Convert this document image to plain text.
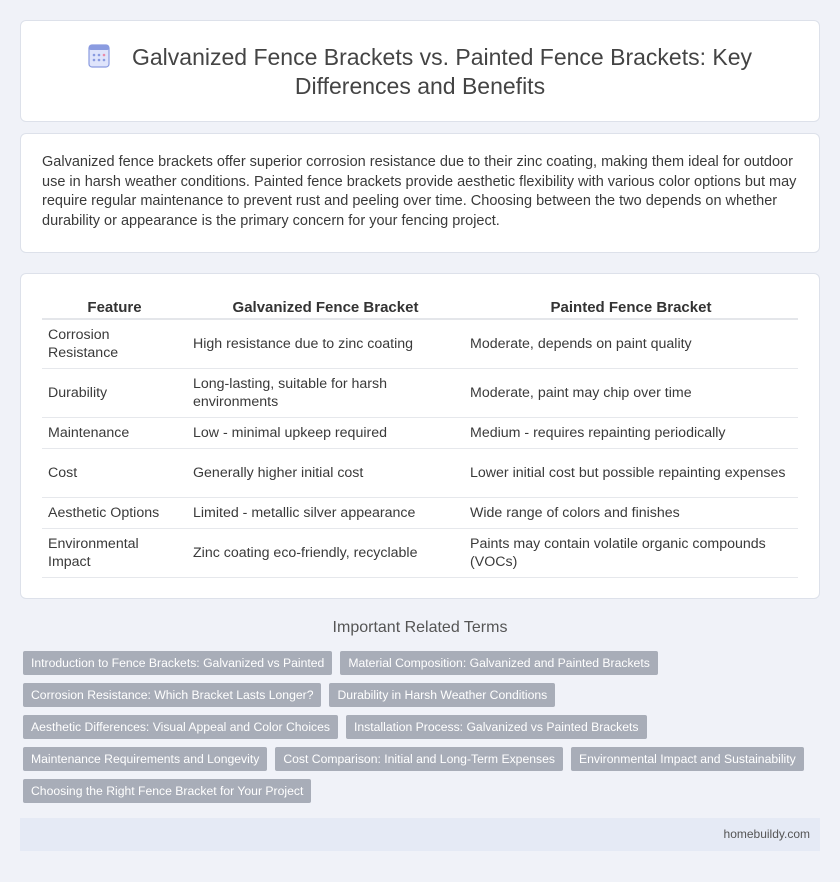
Galvanized Fence Brackets vs. Painted Fence Brackets: Key Differences and Benefits

Galvanized fence brackets offer superior corrosion resistance due to their zinc coating, making them ideal for outdoor use in harsh weather conditions. Painted fence brackets provide aesthetic flexibility with various color options but may require regular maintenance to prevent rust and peeling over time. Choosing between the two depends on whether durability or appearance is the primary concern for your fencing project.

Feature	Galvanized Fence Bracket	Painted Fence Bracket
Corrosion Resistance	High resistance due to zinc coating	Moderate, depends on paint quality
Durability	Long-lasting, suitable for harsh environments	Moderate, paint may chip over time
Maintenance	Low - minimal upkeep required	Medium - requires repainting periodically
Cost	Generally higher initial cost	Lower initial cost but possible repainting expenses
Aesthetic Options	Limited - metallic silver appearance	Wide range of colors and finishes
Environmental Impact	Zinc coating eco-friendly, recyclable	Paints may contain volatile organic compounds (VOCs)
Important Related Terms
Introduction to Fence Brackets: Galvanized vs Painted	Material Composition: Galvanized and Painted Brackets
Corrosion Resistance: Which Bracket Lasts Longer?	Durability in Harsh Weather Conditions
Aesthetic Differences: Visual Appeal and Color Choices	Installation Process: Galvanized vs Painted Brackets
Maintenance Requirements and Longevity	Cost Comparison: Initial and Long-Term Expenses	Environmental Impact and Sustainability
Choosing the Right Fence Bracket for Your Project
homebuildy.com
